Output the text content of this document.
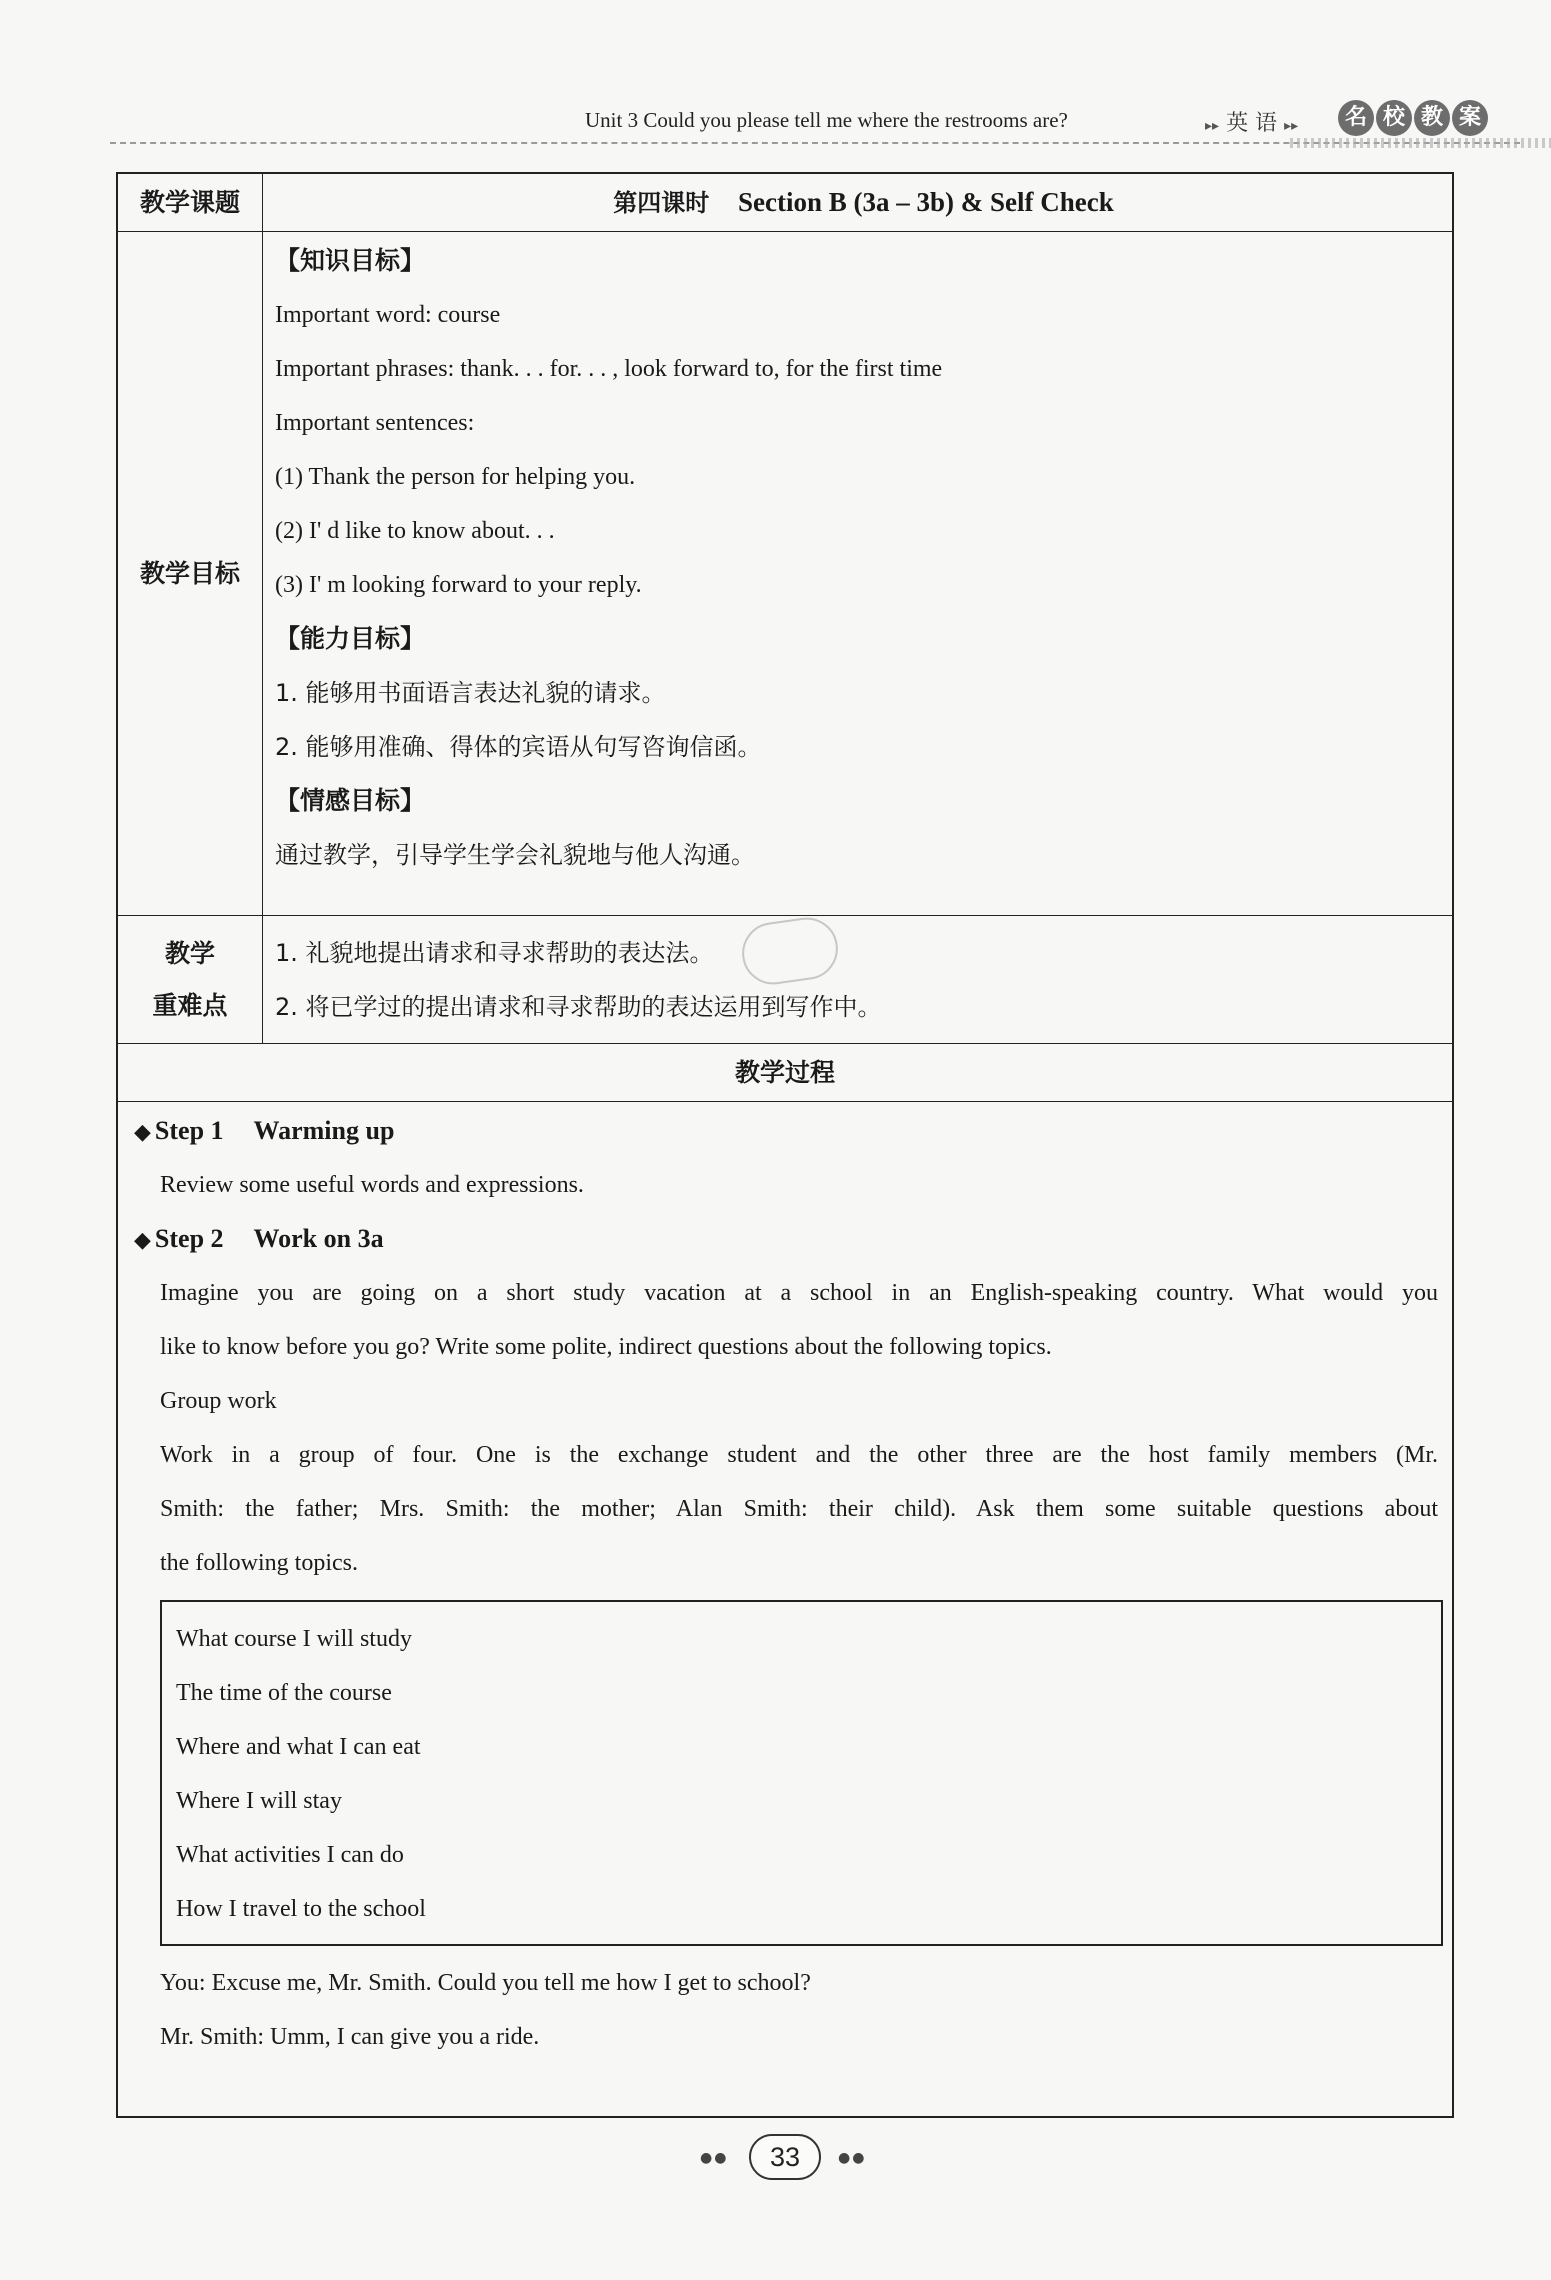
Unit 3 Could you please tell me where the restrooms are?	▸▸ 英 语 ▸▸	名 校 教 案
教学课题	第四课时 Section B (3a – 3b) & Self Check
教学目标
【知识目标】
Important word: course
Important phrases: thank. . . for. . . , look forward to, for the first time
Important sentences:
(1) Thank the person for helping you.
(2) I' d like to know about. . .
(3) I' m looking forward to your reply.
【能力目标】
1. 能够用书面语言表达礼貌的请求。
2. 能够用准确、得体的宾语从句写咨询信函。
【情感目标】
通过教学，引导学生学会礼貌地与他人沟通。
教学
重难点
1. 礼貌地提出请求和寻求帮助的表达法。
2. 将已学过的提出请求和寻求帮助的表达运用到写作中。
教学过程
◆ Step 1 Warming up
Review some useful words and expressions.
◆ Step 2 Work on 3a
Imagine you are going on a short study vacation at a school in an English-speaking country. What would you
like to know before you go? Write some polite, indirect questions about the following topics.
Group work
Work in a group of four. One is the exchange student and the other three are the host family members (Mr.
Smith: the father; Mrs. Smith: the mother; Alan Smith: their child). Ask them some suitable questions about
the following topics.
What course I will study
The time of the course
Where and what I can eat
Where I will stay
What activities I can do
How I travel to the school
You: Excuse me, Mr. Smith. Could you tell me how I get to school?
Mr. Smith: Umm, I can give you a ride.
●●	33	●●
